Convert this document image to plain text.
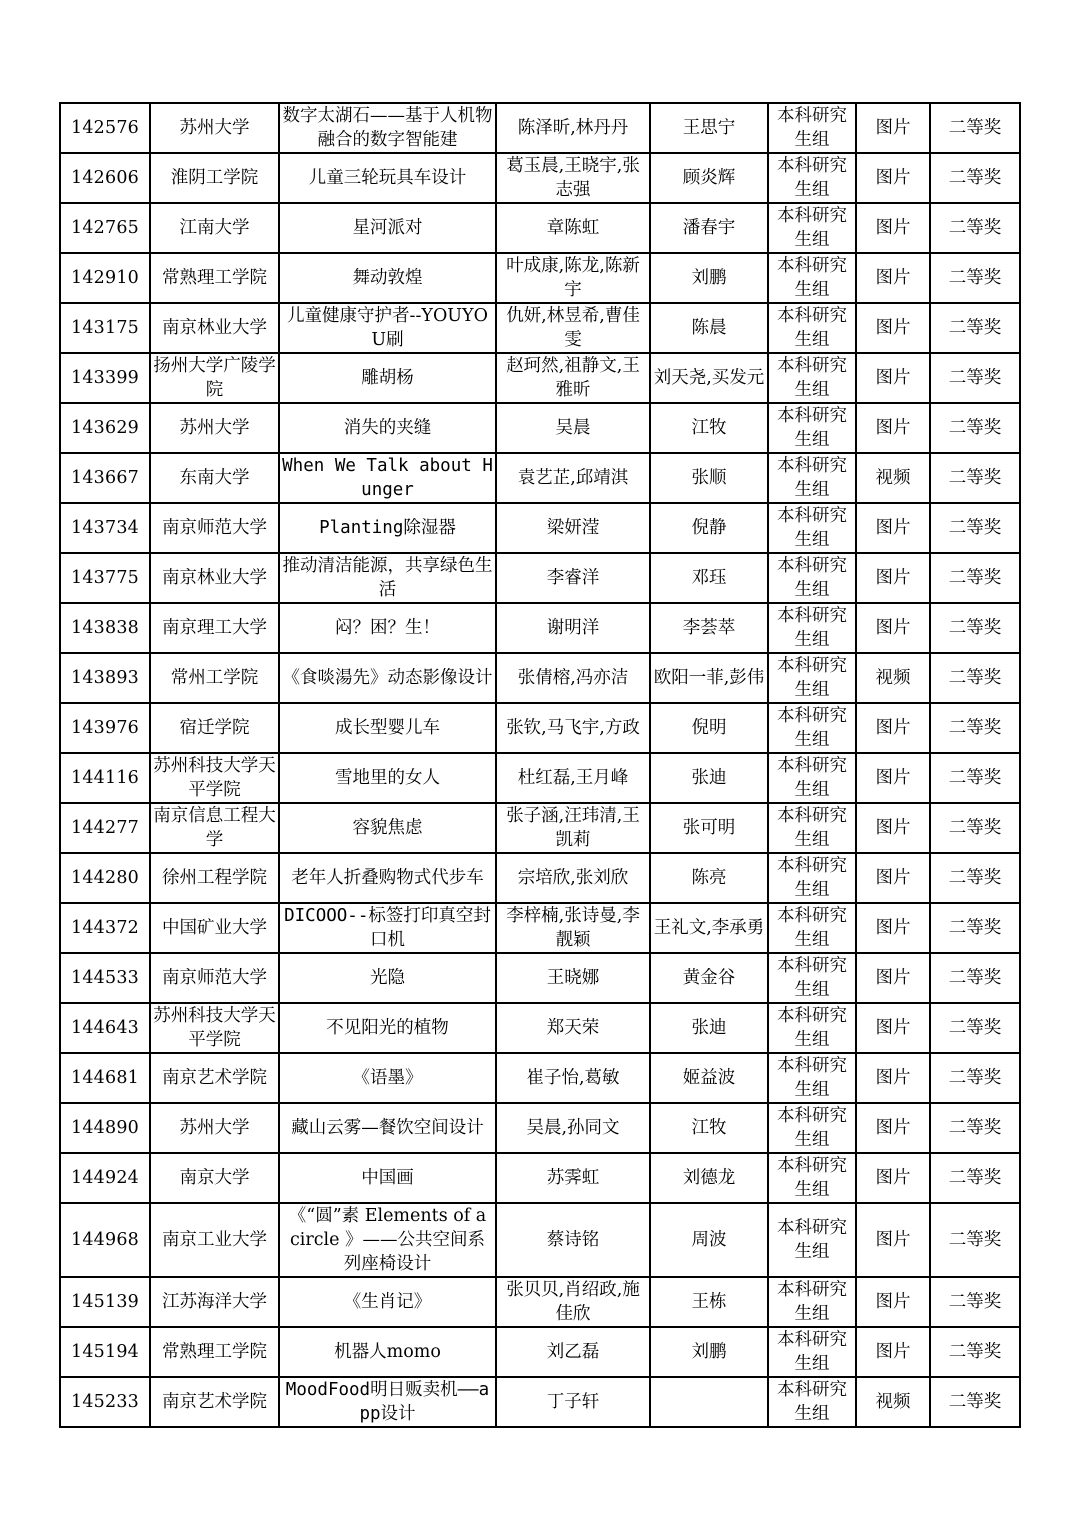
142576	苏州大学	数字太湖石——基于人机物融合的数字智能建	陈泽昕,林丹丹	王思宁	本科研究生组	图片	二等奖
142606	淮阴工学院	儿童三轮玩具车设计	葛玉晨,王晓宇,张志强	顾炎辉	本科研究生组	图片	二等奖
142765	江南大学	星河派对	章陈虹	潘春宇	本科研究生组	图片	二等奖
142910	常熟理工学院	舞动敦煌	叶成康,陈龙,陈新宇	刘鹏	本科研究生组	图片	二等奖
143175	南京林业大学	儿童健康守护者--YOUYOU刷	仇妍,林昱希,曹佳雯	陈晨	本科研究生组	图片	二等奖
143399	扬州大学广陵学院	雕胡杨	赵珂然,祖静文,王雅昕	刘天尧,买发元	本科研究生组	图片	二等奖
143629	苏州大学	消失的夹缝	吴晨	江牧	本科研究生组	图片	二等奖
143667	东南大学	When We Talk about Hunger	袁艺芷,邱靖淇	张顺	本科研究生组	视频	二等奖
143734	南京师范大学	Planting除湿器	梁妍滢	倪静	本科研究生组	图片	二等奖
143775	南京林业大学	推动清洁能源，共享绿色生活	李睿洋	邓珏	本科研究生组	图片	二等奖
143838	南京理工大学	闷？困？生！	谢明洋	李荟萃	本科研究生组	图片	二等奖
143893	常州工学院	《食啖湯先》动态影像设计	张倩榕,冯亦洁	欧阳一菲,彭伟	本科研究生组	视频	二等奖
143976	宿迁学院	成长型婴儿车	张钦,马飞宇,方政	倪明	本科研究生组	图片	二等奖
144116	苏州科技大学天平学院	雪地里的女人	杜红磊,王月峰	张迪	本科研究生组	图片	二等奖
144277	南京信息工程大学	容貌焦虑	张子涵,汪玮清,王凯莉	张可明	本科研究生组	图片	二等奖
144280	徐州工程学院	老年人折叠购物式代步车	宗培欣,张刘欣	陈亮	本科研究生组	图片	二等奖
144372	中国矿业大学	DICOOO--标签打印真空封口机	李梓楠,张诗曼,李靓颖	王礼文,李承勇	本科研究生组	图片	二等奖
144533	南京师范大学	光隐	王晓娜	黄金谷	本科研究生组	图片	二等奖
144643	苏州科技大学天平学院	不见阳光的植物	郑天荣	张迪	本科研究生组	图片	二等奖
144681	南京艺术学院	《语墨》	崔子怡,葛敏	姬益波	本科研究生组	图片	二等奖
144890	苏州大学	藏山云雾—餐饮空间设计	吴晨,孙同文	江牧	本科研究生组	图片	二等奖
144924	南京大学	中国画	苏霁虹	刘德龙	本科研究生组	图片	二等奖
144968	南京工业大学	《“圆”素 Elements of a circle 》——公共空间系列座椅设计	蔡诗铭	周波	本科研究生组	图片	二等奖
145139	江苏海洋大学	《生肖记》	张贝贝,肖绍政,施佳欣	王栋	本科研究生组	图片	二等奖
145194	常熟理工学院	机器人momo	刘乙磊	刘鹏	本科研究生组	图片	二等奖
145233	南京艺术学院	MoodFood明日贩卖机——app设计	丁子轩		本科研究生组	视频	二等奖
